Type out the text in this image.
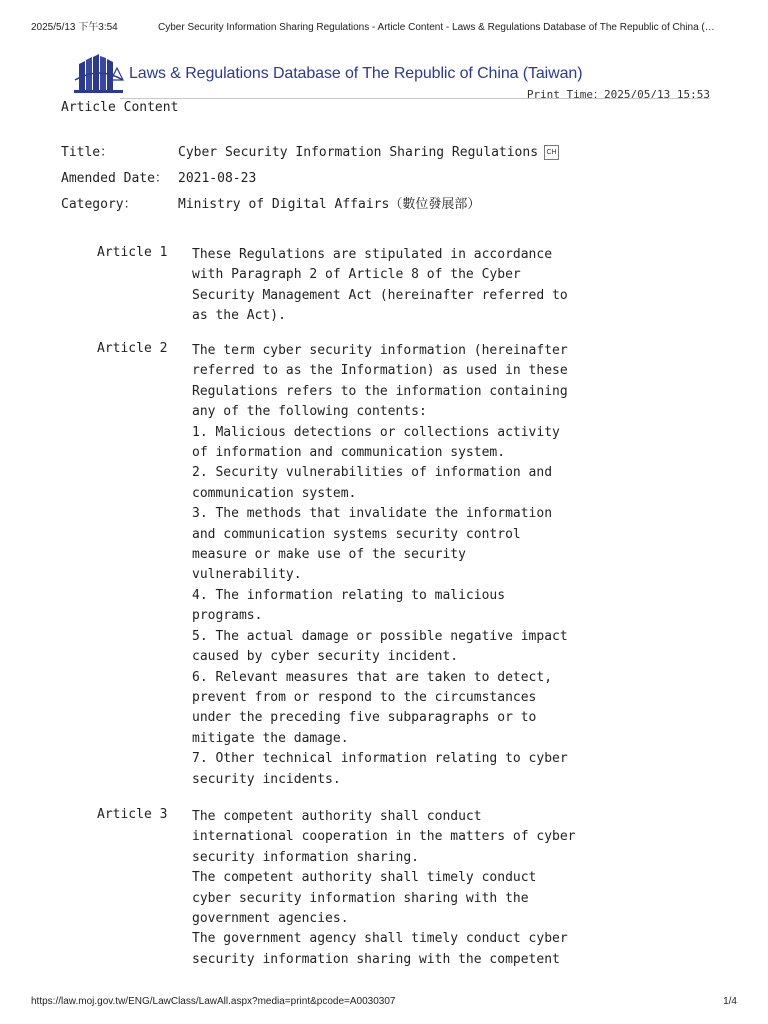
2025/5/13 下午3:54	Cyber Security Information Sharing Regulations - Article Content - Laws & Regulations Database of The Republic of China (…
Laws & Regulations Database of The Republic of China (Taiwan)
Print Time：2025/05/13 15:53
Article Content
Title：	Cyber Security Information Sharing Regulations CH
Amended Date： 2021-08-23
Category：	Ministry of Digital Affairs（數位發展部）
Article 1 These Regulations are stipulated in accordance
with Paragraph 2 of Article 8 of the Cyber
Security Management Act (hereinafter referred to
as the Act).
Article 2 The term cyber security information (hereinafter
referred to as the Information) as used in these
Regulations refers to the information containing
any of the following contents:
1. Malicious detections or collections activity
of information and communication system.
2. Security vulnerabilities of information and
communication system.
3. The methods that invalidate the information
and communication systems security control
measure or make use of the security
vulnerability.
4. The information relating to malicious
programs.
5. The actual damage or possible negative impact
caused by cyber security incident.
6. Relevant measures that are taken to detect,
prevent from or respond to the circumstances
under the preceding five subparagraphs or to
mitigate the damage.
7. Other technical information relating to cyber
security incidents.
Article 3 The competent authority shall conduct
international cooperation in the matters of cyber
security information sharing.
The competent authority shall timely conduct
cyber security information sharing with the
government agencies.
The government agency shall timely conduct cyber
security information sharing with the competent
https://law.moj.gov.tw/ENG/LawClass/LawAll.aspx?media=print&pcode=A0030307	1/4
